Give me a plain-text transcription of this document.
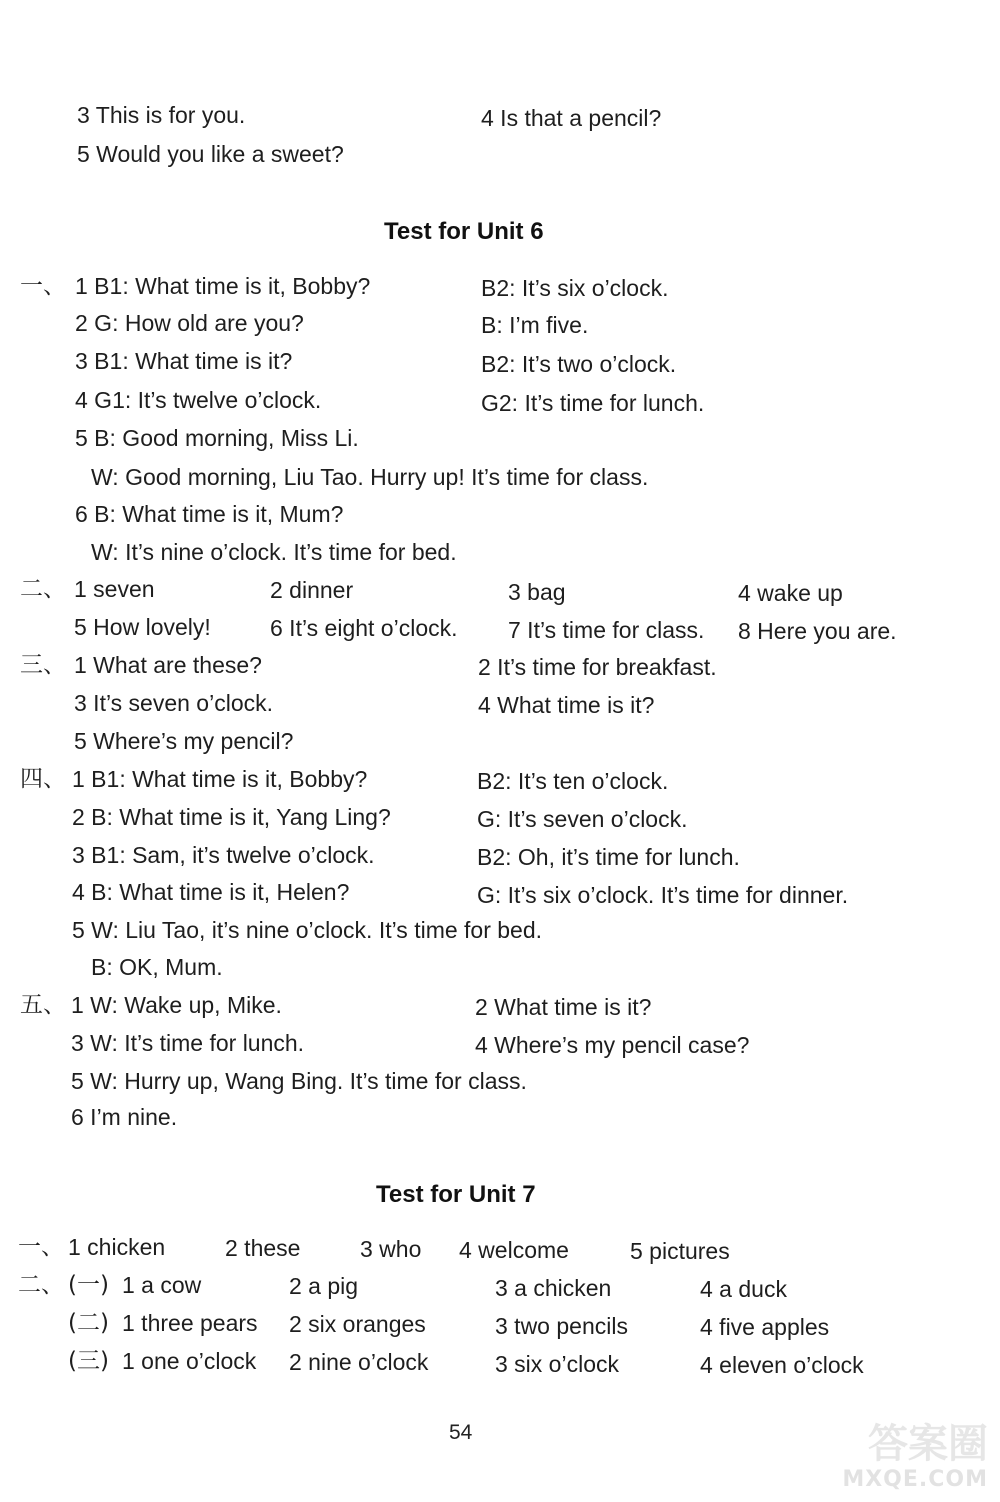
3 This is for you.	4 Is that a pencil?
5 Would you like a sweet?
Test for Unit 6
一、 1 B1: What time is it, Bobby?	B2: It’s six o’clock.
2 G: How old are you?	B: I’m five.
3 B1: What time is it?	B2: It’s two o’clock.
4 G1: It’s twelve o’clock.	G2: It’s time for lunch.
5 B: Good morning, Miss Li.
W: Good morning, Liu Tao. Hurry up! It’s time for class.
6 B: What time is it, Mum?
W: It’s nine o’clock. It’s time for bed.
二、 1 seven	2 dinner	3 bag	4 wake up
5 How lovely!	6 It’s eight o’clock. 7 It’s time for class. 8 Here you are.
三、 1 What are these?	2 It’s time for breakfast.
3 It’s seven o’clock.	4 What time is it?
5 Where’s my pencil?
四、 1 B1: What time is it, Bobby?	B2: It’s ten o’clock.
2 B: What time is it, Yang Ling?	G: It’s seven o’clock.
3 B1: Sam, it’s twelve o’clock.	B2: Oh, it’s time for lunch.
4 B: What time is it, Helen?	G: It’s six o’clock. It’s time for dinner.
5 W: Liu Tao, it’s nine o’clock. It’s time for bed.
B: OK, Mum.
五、 1 W: Wake up, Mike.	2 What time is it?
3 W: It’s time for lunch.	4 Where’s my pencil case?
5 W: Hurry up, Wang Bing. It’s time for class.
6 I’m nine.
Test for Unit 7
一、 1 chicken	2 these	3 who 4 welcome	5 pictures
二、 (一) 1 a cow	2 a pig	3 a chicken	4 a duck
(二) 1 three pears 2 six oranges	3 two pencils	4 five apples
(三) 1 one o’clock 2 nine o’clock	3 six o’clock	4 eleven o’clock
54	答案圈
MXQE.COM
